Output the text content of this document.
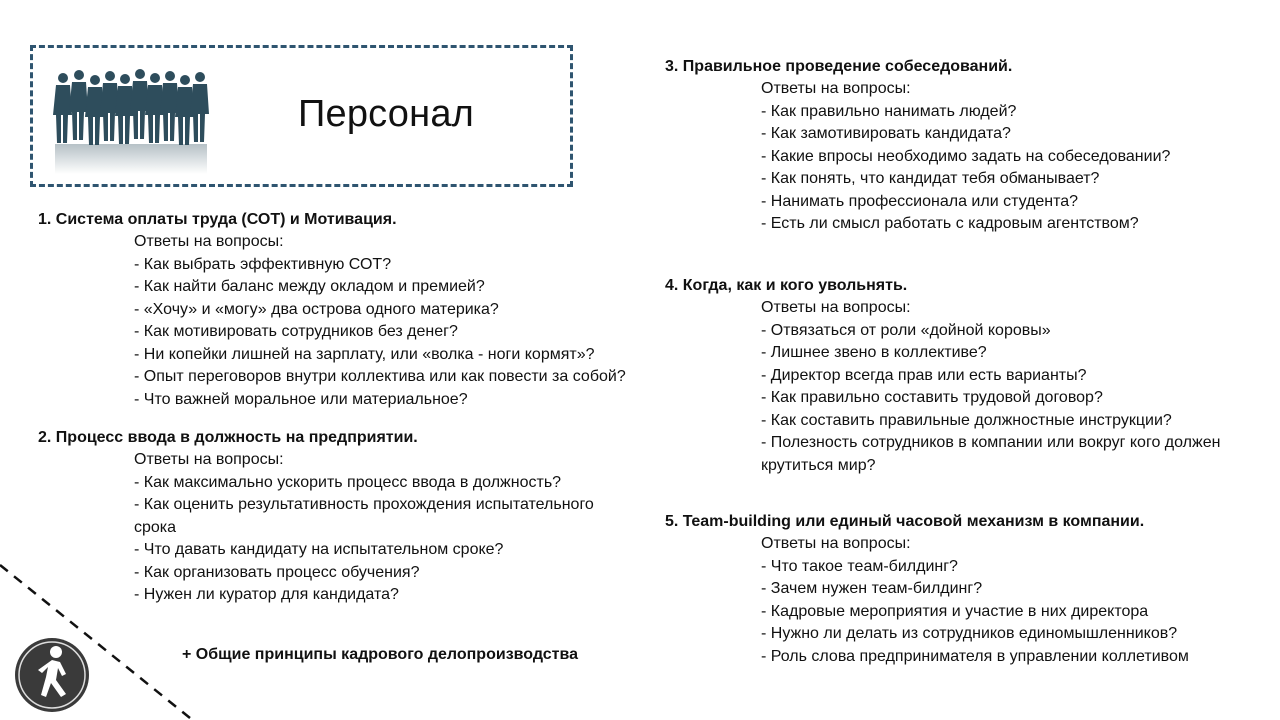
Персонал
1. Система оплаты труда (СОТ) и Мотивация.
Ответы на вопросы:
- Как выбрать эффективную СОТ?
- Как найти баланс между окладом и премией?
- «Хочу» и «могу» два острова одного материка?
- Как мотивировать сотрудников без денег?
- Ни копейки лишней на зарплату, или «волка - ноги кормят»?
- Опыт переговоров внутри коллектива или как повести за собой?
- Что важней моральное или материальное?
2. Процесс ввода в должность на предприятии.
Ответы на вопросы:
- Как максимально ускорить процесс ввода в должность?
- Как оценить результативность прохождения испытательного срока
- Что давать кандидату на испытательном сроке?
- Как организовать процесс обучения?
- Нужен ли куратор для кандидата?
3. Правильное проведение собеседований.
Ответы на вопросы:
- Как правильно нанимать людей?
- Как замотивировать кандидата?
- Какие впросы необходимо задать на собеседовании?
- Как понять, что кандидат тебя обманывает?
- Нанимать профессионала или студента?
- Есть ли смысл работать с кадровым агентством?
4. Когда, как и кого увольнять.
Ответы на вопросы:
- Отвязаться от роли «дойной коровы»
- Лишнее звено в коллективе?
- Директор всегда прав или есть варианты?
- Как правильно составить трудовой договор?
- Как составить правильные должностные инструкции?
- Полезность сотрудников в компании или вокруг кого должен крутиться мир?
5. Team-building или единый часовой механизм в компании.
Ответы на вопросы:
- Что такое теам-билдинг?
- Зачем нужен теам-билдинг?
- Кадровые мероприятия и участие в них директора
- Нужно ли делать из сотрудников единомышленников?
- Роль слова предпринимателя в управлении коллетивом
+ Общие принципы кадрового делопроизводства
